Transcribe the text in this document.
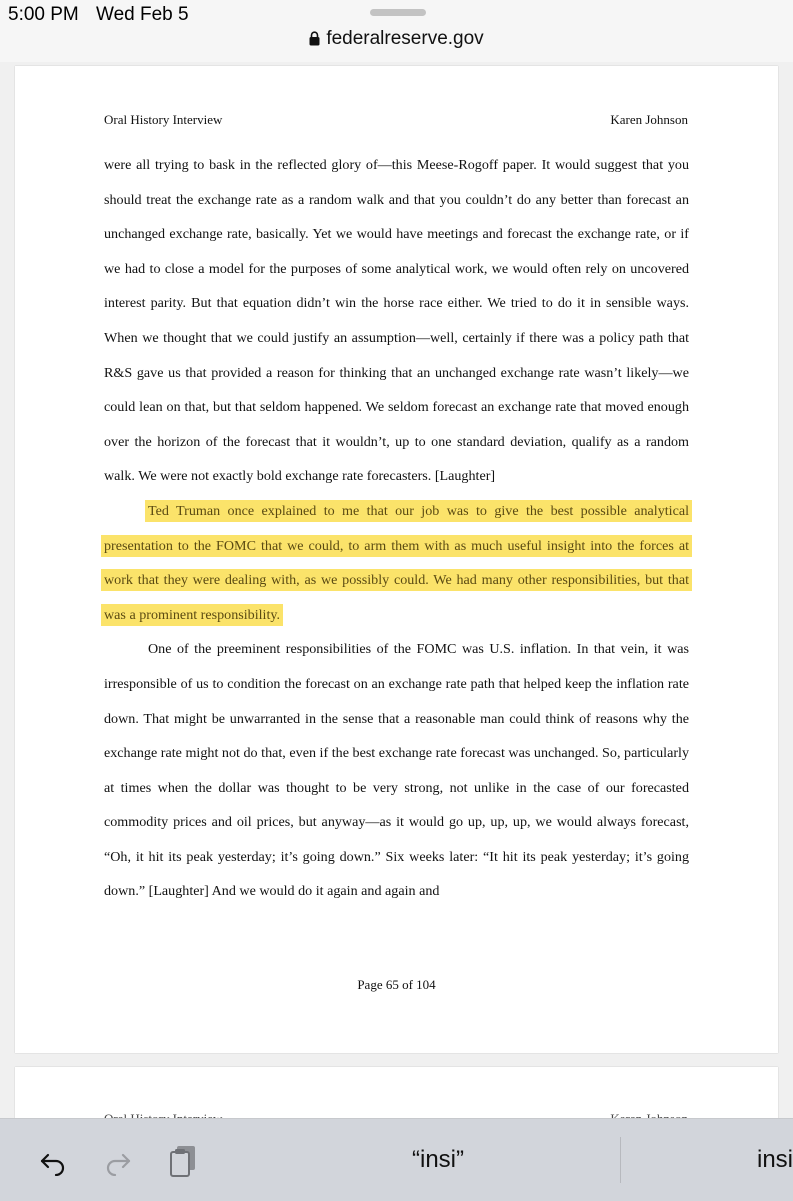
5:00 PM Wed Feb 5
federalreserve.gov
Oral History Interview	Karen Johnson

were all trying to bask in the reflected glory of—this Meese-Rogoff paper. It would suggest that you should treat the exchange rate as a random walk and that you couldn’t do any better than forecast an unchanged exchange rate, basically. Yet we would have meetings and forecast the exchange rate, or if we had to close a model for the purposes of some analytical work, we would often rely on uncovered interest parity. But that equation didn’t win the horse race either. We tried to do it in sensible ways. When we thought that we could justify an assumption—well, certainly if there was a policy path that R&S gave us that provided a reason for thinking that an unchanged exchange rate wasn’t likely—we could lean on that, but that seldom happened. We seldom forecast an exchange rate that moved enough over the horizon of the forecast that it wouldn’t, up to one standard deviation, qualify as a random walk. We were not exactly bold exchange rate forecasters. [Laughter]

Ted Truman once explained to me that our job was to give the best possible analytical presentation to the FOMC that we could, to arm them with as much useful insight into the forces at work that they were dealing with, as we possibly could. We had many other responsibilities, but that was a prominent responsibility.

One of the preeminent responsibilities of the FOMC was U.S. inflation. In that vein, it was irresponsible of us to condition the forecast on an exchange rate path that helped keep the inflation rate down. That might be unwarranted in the sense that a reasonable man could think of reasons why the exchange rate might not do that, even if the best exchange rate forecast was unchanged. So, particularly at times when the dollar was thought to be very strong, not unlike in the case of our forecasted commodity prices and oil prices, but anyway—as it would go up, up, up, we would always forecast, “Oh, it hit its peak yesterday; it’s going down.” Six weeks later: “It hit its peak yesterday; it’s going down.” [Laughter] And we would do it again and again and

Page 65 of 104
“insi”	insi
